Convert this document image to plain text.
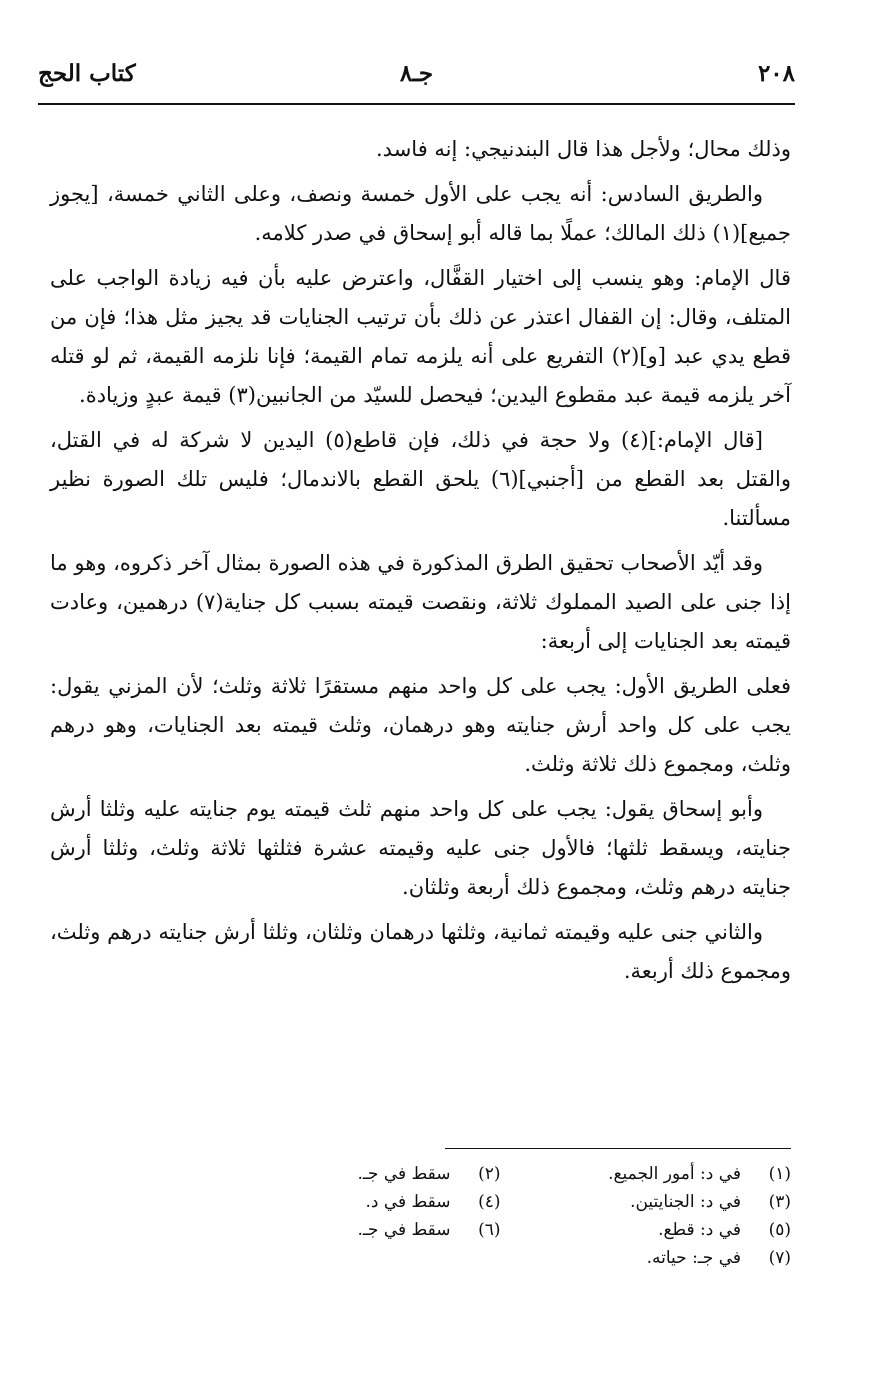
٢٠٨
جـ٨
كتاب الحج

وذلك محال؛ ولأجل هذا قال البندنيجي: إنه فاسد.

والطريق السادس: أنه يجب على الأول خمسة ونصف، وعلى الثاني خمسة، [يجوز جميع](١) ذلك المالك؛ عملًا بما قاله أبو إسحاق في صدر كلامه.

قال الإمام: وهو ينسب إلى اختيار القفَّال، واعترض عليه بأن فيه زيادة الواجب على المتلف، وقال: إن القفال اعتذر عن ذلك بأن ترتيب الجنايات قد يجيز مثل هذا؛ فإن من قطع يدي عبد [و](٢) التفريع على أنه يلزمه تمام القيمة؛ فإنا نلزمه القيمة، ثم لو قتله آخر يلزمه قيمة عبد مقطوع اليدين؛ فيحصل للسيّد من الجانبين(٣) قيمة عبدٍ وزيادة.

[قال الإمام:](٤) ولا حجة في ذلك، فإن قاطع(٥) اليدين لا شركة له في القتل، والقتل بعد القطع من [أجنبي](٦) يلحق القطع بالاندمال؛ فليس تلك الصورة نظير مسألتنا.

وقد أيّد الأصحاب تحقيق الطرق المذكورة في هذه الصورة بمثال آخر ذكروه، وهو ما إذا جنى على الصيد المملوك ثلاثة، ونقصت قيمته بسبب كل جناية(٧) درهمين، وعادت قيمته بعد الجنايات إلى أربعة:

فعلى الطريق الأول: يجب على كل واحد منهم مستقرًا ثلاثة وثلث؛ لأن المزني يقول: يجب على كل واحد أرش جنايته وهو درهمان، وثلث قيمته بعد الجنايات، وهو درهم وثلث، ومجموع ذلك ثلاثة وثلث.

وأبو إسحاق يقول: يجب على كل واحد منهم ثلث قيمته يوم جنايته عليه وثلثا أرش جنايته، ويسقط ثلثها؛ فالأول جنى عليه وقيمته عشرة فثلثها ثلاثة وثلث، وثلثا أرش جنايته درهم وثلث، ومجموع ذلك أربعة وثلثان.

والثاني جنى عليه وقيمته ثمانية، وثلثها درهمان وثلثان، وثلثا أرش جنايته درهم وثلث، ومجموع ذلك أربعة.

(١)
في د: أمور الجميع.
(٢)
سقط في جـ.
(٣)
في د: الجنايتين.
(٤)
سقط في د.
(٥)
في د: قطع.
(٦)
سقط في جـ.
(٧)
في جـ: حياته.
